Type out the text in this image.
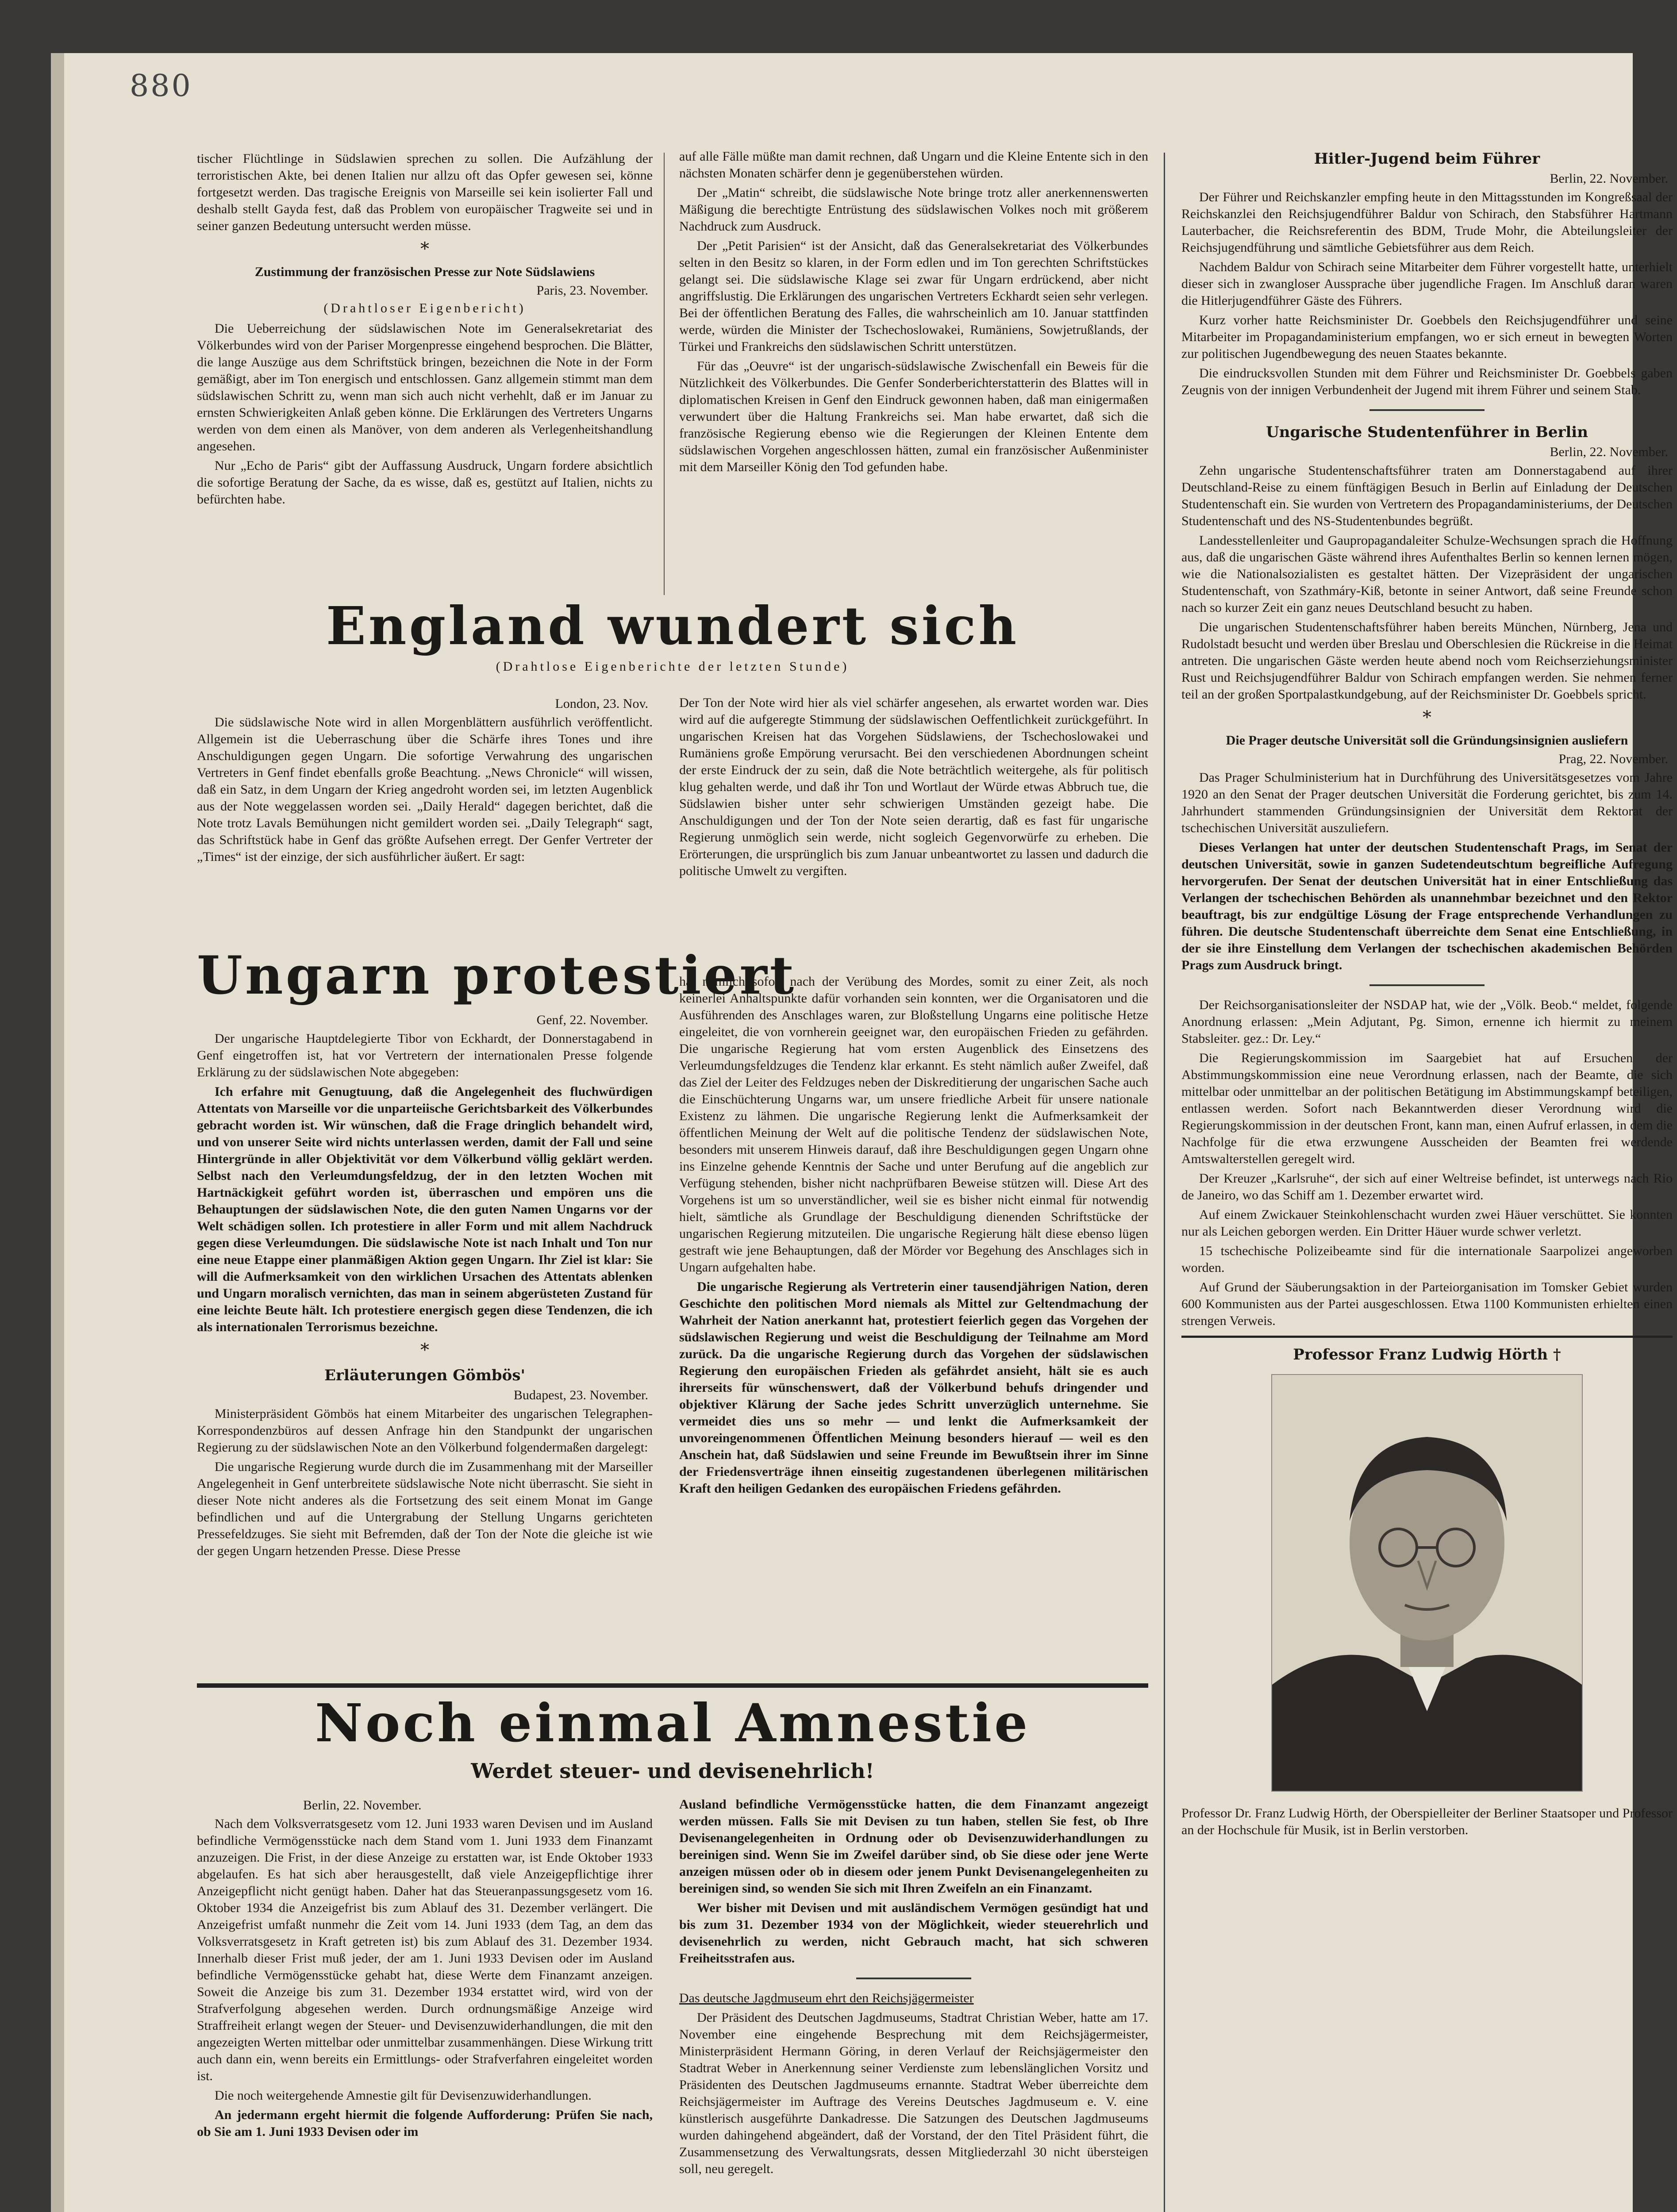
880

tischer Flüchtlinge in Südslawien sprechen zu sollen. Die Aufzählung der terroristischen Akte, bei denen Italien nur allzu oft das Opfer gewesen sei, könne fortgesetzt werden. Das tragische Ereignis von Marseille sei kein isolierter Fall und deshalb stellt Gayda fest, daß das Problem von europäischer Tragweite sei und in seiner ganzen Bedeutung untersucht werden müsse.

*

Zustimmung der französischen Presse zur Note Südslawiens

Paris, 23. November.
(Drahtloser Eigenbericht)

Die Ueberreichung der südslawischen Note im Generalsekretariat des Völkerbundes wird von der Pariser Morgenpresse eingehend besprochen. Die Blätter, die lange Auszüge aus dem Schriftstück bringen, bezeichnen die Note in der Form gemäßigt, aber im Ton energisch und entschlossen. Ganz allgemein stimmt man dem südslawischen Schritt zu, wenn man sich auch nicht verhehlt, daß er im Januar zu ernsten Schwierigkeiten Anlaß geben könne. Die Erklärungen des Vertreters Ungarns werden von dem einen als Manöver, von dem anderen als Verlegenheitshandlung angesehen.

Nur „Echo de Paris“ gibt der Auffassung Ausdruck, Ungarn fordere absichtlich die sofortige Beratung der Sache, da es wisse, daß es, gestützt auf Italien, nichts zu befürchten habe.

auf alle Fälle müßte man damit rechnen, daß Ungarn und die Kleine Entente sich in den nächsten Monaten schärfer denn je gegenüberstehen würden.

Der „Matin“ schreibt, die südslawische Note bringe trotz aller anerkennenswerten Mäßigung die berechtigte Entrüstung des südslawischen Volkes noch mit größerem Nachdruck zum Ausdruck.

Der „Petit Parisien“ ist der Ansicht, daß das Generalsekretariat des Völkerbundes selten in den Besitz so klaren, in der Form edlen und im Ton gerechten Schriftstückes gelangt sei. Die südslawische Klage sei zwar für Ungarn erdrückend, aber nicht angriffslustig. Die Erklärungen des ungarischen Vertreters Eckhardt seien sehr verlegen. Bei der öffentlichen Beratung des Falles, die wahrscheinlich am 10. Januar stattfinden werde, würden die Minister der Tschechoslowakei, Rumäniens, Sowjetrußlands, der Türkei und Frankreichs den südslawischen Schritt unterstützen.

Für das „Oeuvre“ ist der ungarisch-südslawische Zwischenfall ein Beweis für die Nützlichkeit des Völkerbundes. Die Genfer Sonderberichterstatterin des Blattes will in diplomatischen Kreisen in Genf den Eindruck gewonnen haben, daß man einigermaßen verwundert über die Haltung Frankreichs sei. Man habe erwartet, daß sich die französische Regierung ebenso wie die Regierungen der Kleinen Entente dem südslawischen Vorgehen angeschlossen hätten, zumal ein französischer Außenminister mit dem Marseiller König den Tod gefunden habe.

England wundert sich
(Drahtlose Eigenberichte der letzten Stunde)
London, 23. Nov.

Die südslawische Note wird in allen Morgenblättern ausführlich veröffentlicht. Allgemein ist die Ueberraschung über die Schärfe ihres Tones und ihre Anschuldigungen gegen Ungarn. Die sofortige Verwahrung des ungarischen Vertreters in Genf findet ebenfalls große Beachtung. „News Chronicle“ will wissen, daß ein Satz, in dem Ungarn der Krieg angedroht worden sei, im letzten Augenblick aus der Note weggelassen worden sei. „Daily Herald“ dagegen berichtet, daß die Note trotz Lavals Bemühungen nicht gemildert worden sei. „Daily Telegraph“ sagt, das Schriftstück habe in Genf das größte Aufsehen erregt. Der Genfer Vertreter der „Times“ ist der einzige, der sich ausführlicher äußert. Er sagt:

Der Ton der Note wird hier als viel schärfer angesehen, als erwartet worden war. Dies wird auf die aufgeregte Stimmung der südslawischen Oeffentlichkeit zurückgeführt. In ungarischen Kreisen hat das Vorgehen Südslawiens, der Tschechoslowakei und Rumäniens große Empörung verursacht. Bei den verschiedenen Abordnungen scheint der erste Eindruck der zu sein, daß die Note beträchtlich weitergehe, als für politisch klug gehalten werde, und daß ihr Ton und Wortlaut der Würde etwas Abbruch tue, die Südslawien bisher unter sehr schwierigen Umständen gezeigt habe. Die Anschuldigungen und der Ton der Note seien derartig, daß es fast für ungarische Regierung unmöglich sein werde, nicht sogleich Gegenvorwürfe zu erheben. Die Erörterungen, die ursprünglich bis zum Januar unbeantwortet zu lassen und dadurch die politische Umwelt zu vergiften.

Ungarn protestiert
Genf, 22. November.

Der ungarische Hauptdelegierte Tibor von Eckhardt, der Donnerstagabend in Genf eingetroffen ist, hat vor Vertretern der internationalen Presse folgende Erklärung zu der südslawischen Note abgegeben:

Ich erfahre mit Genugtuung, daß die Angelegenheit des fluchwürdigen Attentats von Marseille vor die unparteiische Gerichtsbarkeit des Völkerbundes gebracht worden ist. Wir wünschen, daß die Frage dringlich behandelt wird, und von unserer Seite wird nichts unterlassen werden, damit der Fall und seine Hintergründe in aller Objektivität vor dem Völkerbund völlig geklärt werden. Selbst nach den Verleumdungsfeldzug, der in den letzten Wochen mit Hartnäckigkeit geführt worden ist, überraschen und empören uns die Behauptungen der südslawischen Note, die den guten Namen Ungarns vor der Welt schädigen sollen. Ich protestiere in aller Form und mit allem Nachdruck gegen diese Verleumdungen. Die südslawische Note ist nach Inhalt und Ton nur eine neue Etappe einer planmäßigen Aktion gegen Ungarn. Ihr Ziel ist klar: Sie will die Aufmerksamkeit von den wirklichen Ursachen des Attentats ablenken und Ungarn moralisch vernichten, das man in seinem abgerüsteten Zustand für eine leichte Beute hält. Ich protestiere energisch gegen diese Tendenzen, die ich als internationalen Terrorismus bezeichne.

*

Erläuterungen Gömbös'

Budapest, 23. November.

Ministerpräsident Gömbös hat einem Mitarbeiter des ungarischen Telegraphen-Korrespondenzbüros auf dessen Anfrage hin den Standpunkt der ungarischen Regierung zu der südslawischen Note an den Völkerbund folgendermaßen dargelegt:

Die ungarische Regierung wurde durch die im Zusammenhang mit der Marseiller Angelegenheit in Genf unterbreitete südslawische Note nicht überrascht. Sie sieht in dieser Note nicht anderes als die Fortsetzung des seit einem Monat im Gange befindlichen und auf die Untergrabung der Stellung Ungarns gerichteten Pressefeldzuges. Sie sieht mit Befremden, daß der Ton der Note die gleiche ist wie der gegen Ungarn hetzenden Presse. Diese Presse

hat nämlich sofort nach der Verübung des Mordes, somit zu einer Zeit, als noch keinerlei Anhaltspunkte dafür vorhanden sein konnten, wer die Organisatoren und die Ausführenden des Anschlages waren, zur Bloßstellung Ungarns eine politische Hetze eingeleitet, die von vornherein geeignet war, den europäischen Frieden zu gefährden. Die ungarische Regierung hat vom ersten Augenblick des Einsetzens des Verleumdungsfeldzuges die Tendenz klar erkannt. Es steht nämlich außer Zweifel, daß das Ziel der Leiter des Feldzuges neben der Diskreditierung der ungarischen Sache auch die Einschüchterung Ungarns war, um unsere friedliche Arbeit für unsere nationale Existenz zu lähmen. Die ungarische Regierung lenkt die Aufmerksamkeit der öffentlichen Meinung der Welt auf die politische Tendenz der südslawischen Note, besonders mit unserem Hinweis darauf, daß ihre Beschuldigungen gegen Ungarn ohne ins Einzelne gehende Kenntnis der Sache und unter Berufung auf die angeblich zur Verfügung stehenden, bisher nicht nachprüfbaren Beweise stützen will. Diese Art des Vorgehens ist um so unverständlicher, weil sie es bisher nicht einmal für notwendig hielt, sämtliche als Grundlage der Beschuldigung dienenden Schriftstücke der ungarischen Regierung mitzuteilen. Die ungarische Regierung hält diese ebenso lügen gestraft wie jene Behauptungen, daß der Mörder vor Begehung des Anschlages sich in Ungarn aufgehalten habe.

Die ungarische Regierung als Vertreterin einer tausendjährigen Nation, deren Geschichte den politischen Mord niemals als Mittel zur Geltendmachung der Wahrheit der Nation anerkannt hat, protestiert feierlich gegen das Vorgehen der südslawischen Regierung und weist die Beschuldigung der Teilnahme am Mord zurück. Da die ungarische Regierung durch das Vorgehen der südslawischen Regierung den europäischen Frieden als gefährdet ansieht, hält sie es auch ihrerseits für wünschenswert, daß der Völkerbund behufs dringender und objektiver Klärung der Sache jedes Schritt unverzüglich unternehme. Sie vermeidet dies uns so mehr — und lenkt die Aufmerksamkeit der unvoreingenommenen Öffentlichen Meinung besonders hierauf — weil es den Anschein hat, daß Südslawien und seine Freunde im Bewußtsein ihrer im Sinne der Friedensverträge ihnen einseitig zugestandenen überlegenen militärischen Kraft den heiligen Gedanken des europäischen Friedens gefährden.

Noch einmal Amnestie

Werdet steuer- und devisenehrlich!

Berlin, 22. November.

Nach dem Volksverratsgesetz vom 12. Juni 1933 waren Devisen und im Ausland befindliche Vermögensstücke nach dem Stand vom 1. Juni 1933 dem Finanzamt anzuzeigen. Die Frist, in der diese Anzeige zu erstatten war, ist Ende Oktober 1933 abgelaufen. Es hat sich aber herausgestellt, daß viele Anzeigepflichtige ihrer Anzeigepflicht nicht genügt haben. Daher hat das Steueranpassungsgesetz vom 16. Oktober 1934 die Anzeigefrist bis zum Ablauf des 31. Dezember verlängert. Die Anzeigefrist umfaßt nunmehr die Zeit vom 14. Juni 1933 (dem Tag, an dem das Volksverratsgesetz in Kraft getreten ist) bis zum Ablauf des 31. Dezember 1934. Innerhalb dieser Frist muß jeder, der am 1. Juni 1933 Devisen oder im Ausland befindliche Vermögensstücke gehabt hat, diese Werte dem Finanzamt anzeigen. Soweit die Anzeige bis zum 31. Dezember 1934 erstattet wird, wird von der Strafverfolgung abgesehen werden. Durch ordnungsmäßige Anzeige wird Straffreiheit erlangt wegen der Steuer- und Devisenzuwiderhandlungen, die mit den angezeigten Werten mittelbar oder unmittelbar zusammenhängen. Diese Wirkung tritt auch dann ein, wenn bereits ein Ermittlungs- oder Strafverfahren eingeleitet worden ist.

Die noch weitergehende Amnestie gilt für Devisenzuwiderhandlungen.

An jedermann ergeht hiermit die folgende Aufforderung: Prüfen Sie nach, ob Sie am 1. Juni 1933 Devisen oder im

Ausland befindliche Vermögensstücke hatten, die dem Finanzamt angezeigt werden müssen. Falls Sie mit Devisen zu tun haben, stellen Sie fest, ob Ihre Devisenangelegenheiten in Ordnung oder ob Devisenzuwiderhandlungen zu bereinigen sind. Wenn Sie im Zweifel darüber sind, ob Sie diese oder jene Werte anzeigen müssen oder ob in diesem oder jenem Punkt Devisenangelegenheiten zu bereinigen sind, so wenden Sie sich mit Ihren Zweifeln an ein Finanzamt.

Wer bisher mit Devisen und mit ausländischem Vermögen gesündigt hat und bis zum 31. Dezember 1934 von der Möglichkeit, wieder steuerehrlich und devisenehrlich zu werden, nicht Gebrauch macht, hat sich schweren Freiheitsstrafen aus.

Das deutsche Jagdmuseum ehrt den Reichsjägermeister

Der Präsident des Deutschen Jagdmuseums, Stadtrat Christian Weber, hatte am 17. November eine eingehende Besprechung mit dem Reichsjägermeister, Ministerpräsident Hermann Göring, in deren Verlauf der Reichsjägermeister den Stadtrat Weber in Anerkennung seiner Verdienste zum lebenslänglichen Vorsitz und Präsidenten des Deutschen Jagdmuseums ernannte. Stadtrat Weber überreichte dem Reichsjägermeister im Auftrage des Vereins Deutsches Jagdmuseum e. V. eine künstlerisch ausgeführte Dankadresse. Die Satzungen des Deutschen Jagdmuseums wurden dahingehend abgeändert, daß der Vorstand, der den Titel Präsident führt, die Zusammensetzung des Verwaltungsrats, dessen Mitgliederzahl 30 nicht übersteigen soll, neu geregelt.

Hitler-Jugend beim Führer

Berlin, 22. November.

Der Führer und Reichskanzler empfing heute in den Mittagsstunden im Kongreßsaal der Reichskanzlei den Reichsjugendführer Baldur von Schirach, den Stabsführer Hartmann Lauterbacher, die Reichsreferentin des BDM, Trude Mohr, die Abteilungsleiter der Reichsjugendführung und sämtliche Gebietsführer aus dem Reich.

Nachdem Baldur von Schirach seine Mitarbeiter dem Führer vorgestellt hatte, unterhielt dieser sich in zwangloser Aussprache über jugendliche Fragen. Im Anschluß daran waren die Hitlerjugendführer Gäste des Führers.

Kurz vorher hatte Reichsminister Dr. Goebbels den Reichsjugendführer und seine Mitarbeiter im Propagandaministerium empfangen, wo er sich erneut in bewegten Worten zur politischen Jugendbewegung des neuen Staates bekannte.

Die eindrucksvollen Stunden mit dem Führer und Reichsminister Dr. Goebbels gaben Zeugnis von der innigen Verbundenheit der Jugend mit ihrem Führer und seinem Stab.

Ungarische Studentenführer in Berlin

Berlin, 22. November.

Zehn ungarische Studentenschaftsführer traten am Donnerstagabend auf ihrer Deutschland-Reise zu einem fünftägigen Besuch in Berlin auf Einladung der Deutschen Studentenschaft ein. Sie wurden von Vertretern des Propagandaministeriums, der Deutschen Studentenschaft und des NS-Studentenbundes begrüßt.

Landesstellenleiter und Gaupropagandaleiter Schulze-Wechsungen sprach die Hoffnung aus, daß die ungarischen Gäste während ihres Aufenthaltes Berlin so kennen lernen mögen, wie die Nationalsozialisten es gestaltet hätten. Der Vizepräsident der ungarischen Studentenschaft, von Szathmáry-Kiß, betonte in seiner Antwort, daß seine Freunde schon nach so kurzer Zeit ein ganz neues Deutschland besucht zu haben.

Die ungarischen Studentenschaftsführer haben bereits München, Nürnberg, Jena und Rudolstadt besucht und werden über Breslau und Oberschlesien die Rückreise in die Heimat antreten. Die ungarischen Gäste werden heute abend noch vom Reichserziehungsminister Rust und Reichsjugendführer Baldur von Schirach empfangen werden. Sie nehmen ferner teil an der großen Sportpalastkundgebung, auf der Reichsminister Dr. Goebbels spricht.

*

Die Prager deutsche Universität soll die Gründungsinsignien ausliefern

Prag, 22. November.

Das Prager Schulministerium hat in Durchführung des Universitätsgesetzes vom Jahre 1920 an den Senat der Prager deutschen Universität die Forderung gerichtet, bis zum 14. Jahrhundert stammenden Gründungsinsignien der Universität dem Rektorat der tschechischen Universität auszuliefern.

Dieses Verlangen hat unter der deutschen Studentenschaft Prags, im Senat der deutschen Universität, sowie in ganzen Sudetendeutschtum begreifliche Aufregung hervorgerufen. Der Senat der deutschen Universität hat in einer Entschließung das Verlangen der tschechischen Behörden als unannehmbar bezeichnet und den Rektor beauftragt, bis zur endgültige Lösung der Frage entsprechende Verhandlungen zu führen. Die deutsche Studentenschaft überreichte dem Senat eine Entschließung, in der sie ihre Einstellung dem Verlangen der tschechischen akademischen Behörden Prags zum Ausdruck bringt.

Der Reichsorganisationsleiter der NSDAP hat, wie der „Völk. Beob.“ meldet, folgende Anordnung erlassen: „Mein Adjutant, Pg. Simon, ernenne ich hiermit zu meinem Stabsleiter. gez.: Dr. Ley.“

Die Regierungskommission im Saargebiet hat auf Ersuchen der Abstimmungskommission eine neue Verordnung erlassen, nach der Beamte, die sich mittelbar oder unmittelbar an der politischen Betätigung im Abstimmungskampf beteiligen, entlassen werden. Sofort nach Bekanntwerden dieser Verordnung wird die Regierungskommission in der deutschen Front, kann man, einen Aufruf erlassen, in dem die Nachfolge für die etwa erzwungene Ausscheiden der Beamten frei werdende Amtswalterstellen geregelt wird.

Der Kreuzer „Karlsruhe“, der sich auf einer Weltreise befindet, ist unterwegs nach Rio de Janeiro, wo das Schiff am 1. Dezember erwartet wird.

Auf einem Zwickauer Steinkohlenschacht wurden zwei Häuer verschüttet. Sie konnten nur als Leichen geborgen werden. Ein Dritter Häuer wurde schwer verletzt.

15 tschechische Polizeibeamte sind für die internationale Saarpolizei angeworben worden.

Auf Grund der Säuberungsaktion in der Parteiorganisation im Tomsker Gebiet wurden 600 Kommunisten aus der Partei ausgeschlossen. Etwa 1100 Kommunisten erhielten einen strengen Verweis.

Professor Franz Ludwig Hörth †

Professor Dr. Franz Ludwig Hörth, der Oberspielleiter der Berliner Staatsoper und Professor an der Hochschule für Musik, ist in Berlin verstorben.
